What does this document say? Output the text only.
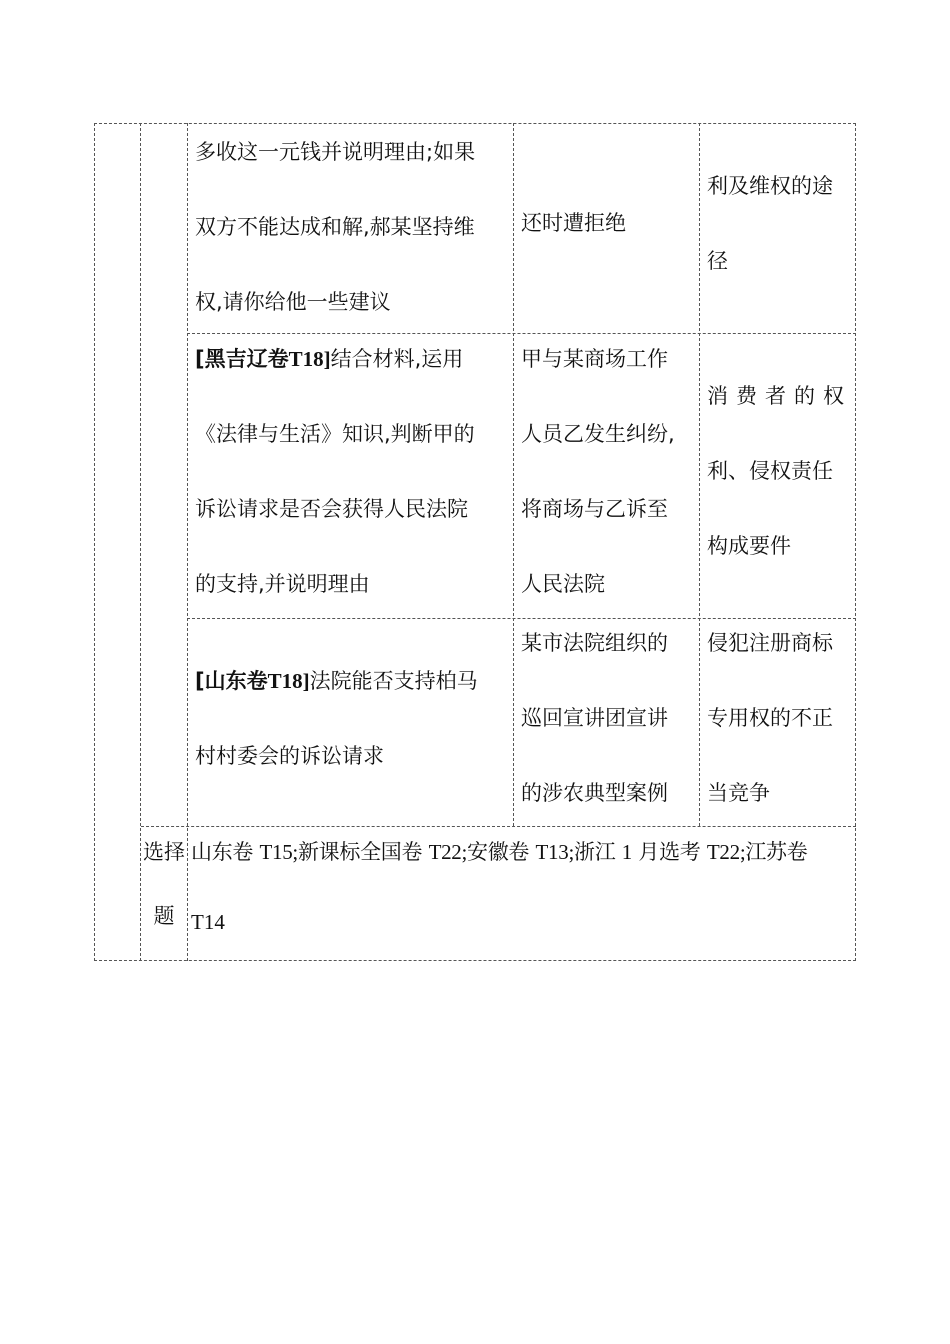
多收这一元钱并说明理由;如果

双方不能达成和解,郝某坚持维

权,请你给他一些建议

还时遭拒绝

利及维权的途

径

[黑吉辽卷T18]结合材料,运用

《法律与生活》知识,判断甲的

诉讼请求是否会获得人民法院

的支持,并说明理由

甲与某商场工作

人员乙发生纠纷,

将商场与乙诉至

人民法院

消费者的权

利、侵权责任

构成要件

[山东卷T18]法院能否支持柏马

村村委会的诉讼请求

某市法院组织的

巡回宣讲团宣讲

的涉农典型案例

侵犯注册商标

专用权的不正

当竞争

选择

题

山东卷 T15;新课标全国卷 T22;安徽卷 T13;浙江 1 月选考 T22;江苏卷

T14
